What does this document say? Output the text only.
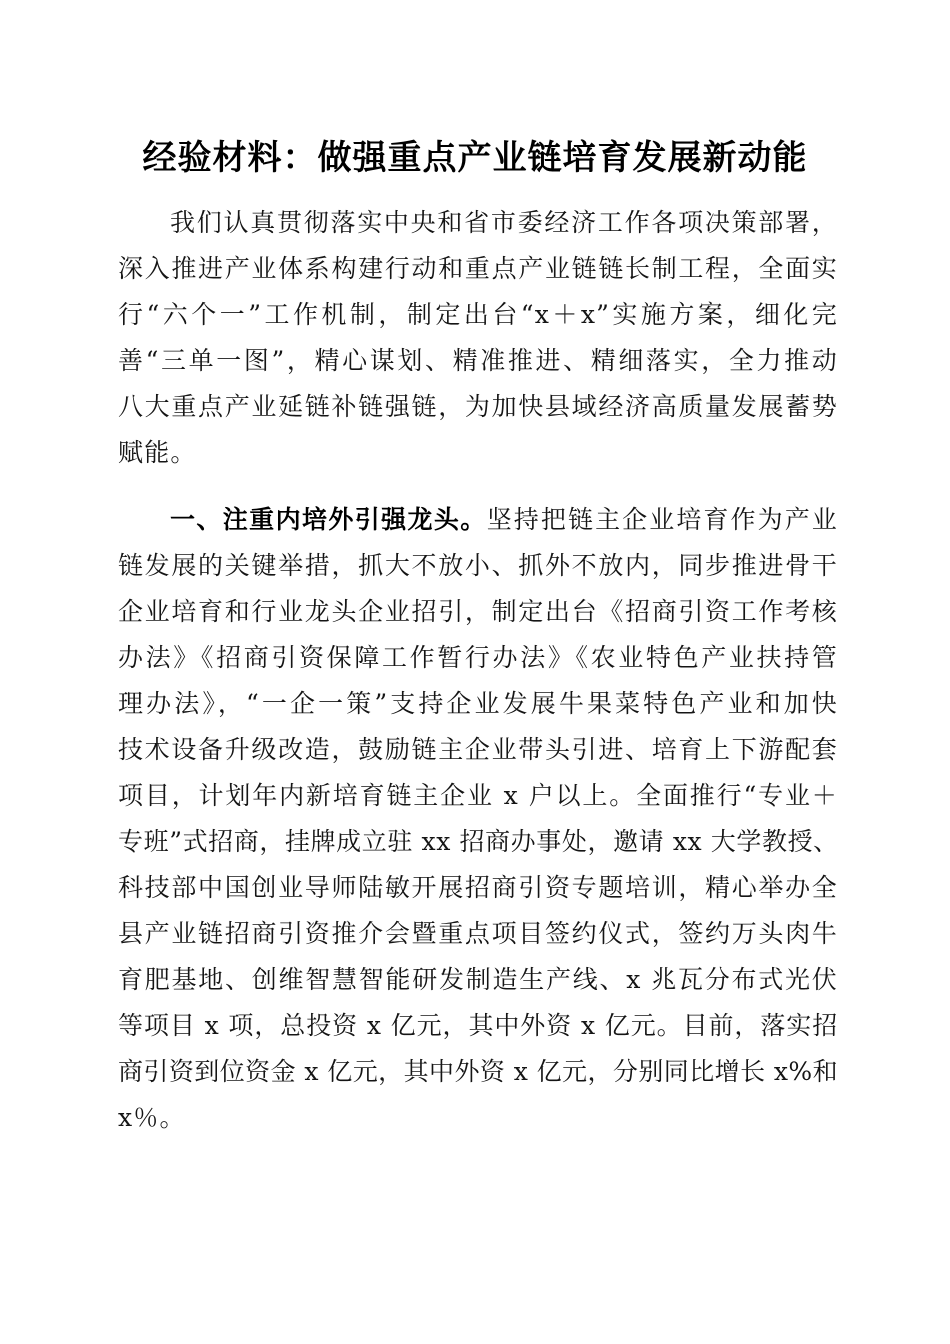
经验材料：做强重点产业链培育发展新动能
我们认真贯彻落实中央和省市委经济工作各项决策部署，
深入推进产业体系构建行动和重点产业链链长制工程，全面实
行“六个一”工作机制，制定出台“x＋x”实施方案，细化完
善“三单一图”，精心谋划、精准推进、精细落实，全力推动
八大重点产业延链补链强链，为加快县域经济高质量发展蓄势
赋能。
一、注重内培外引强龙头。坚持把链主企业培育作为产业
链发展的关键举措，抓大不放小、抓外不放内，同步推进骨干
企业培育和行业龙头企业招引，制定出台《招商引资工作考核
办法》《招商引资保障工作暂行办法》《农业特色产业扶持管
理办法》，“一企一策”支持企业发展牛果菜特色产业和加快
技术设备升级改造，鼓励链主企业带头引进、培育上下游配套
项目，计划年内新培育链主企业 x 户以上。全面推行“专业＋
专班”式招商，挂牌成立驻 xx 招商办事处，邀请 xx 大学教授、
科技部中国创业导师陆敏开展招商引资专题培训，精心举办全
县产业链招商引资推介会暨重点项目签约仪式，签约万头肉牛
育肥基地、创维智慧智能研发制造生产线、x 兆瓦分布式光伏
等项目 x 项，总投资 x 亿元，其中外资 x 亿元。目前，落实招
商引资到位资金 x 亿元，其中外资 x 亿元，分别同比增长 x%和
x％。
